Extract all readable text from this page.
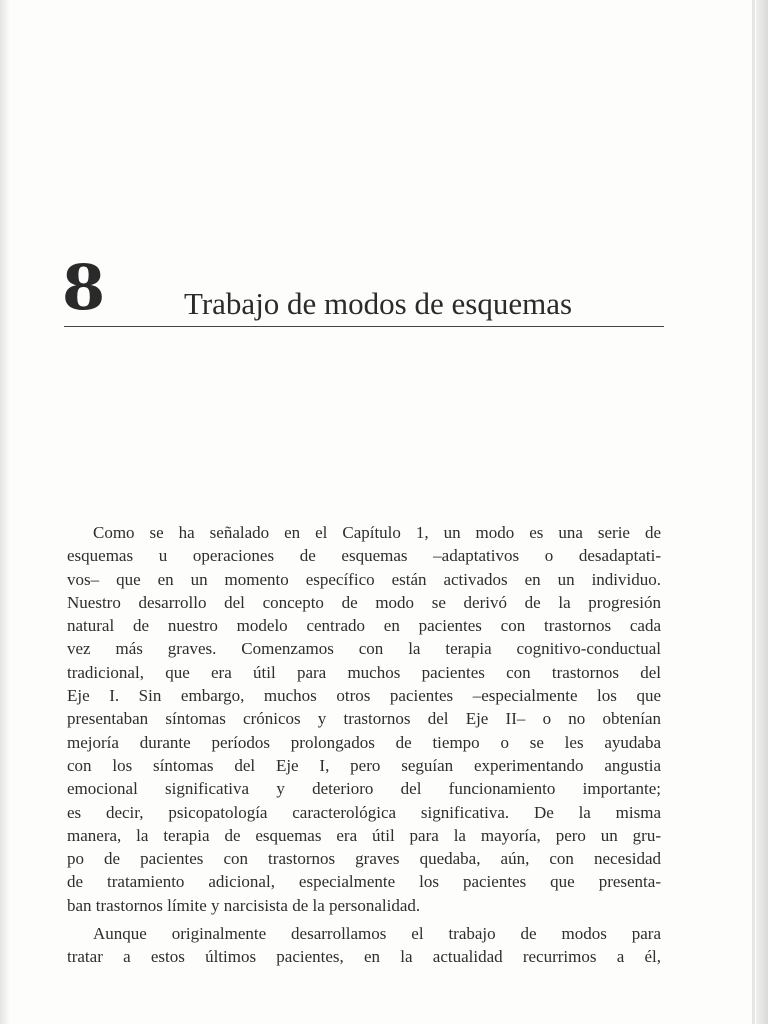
8	Trabajo de modos de esquemas

Como se ha señalado en el Capítulo 1, un modo es una serie de
esquemas u operaciones de esquemas –adaptativos o desadaptati-
vos– que en un momento específico están activados en un individuo.
Nuestro desarrollo del concepto de modo se derivó de la progresión
natural de nuestro modelo centrado en pacientes con trastornos cada
vez más graves. Comenzamos con la terapia cognitivo-conductual
tradicional, que era útil para muchos pacientes con trastornos del
Eje I. Sin embargo, muchos otros pacientes –especialmente los que
presentaban síntomas crónicos y trastornos del Eje II– o no obtenían
mejoría durante períodos prolongados de tiempo o se les ayudaba
con los síntomas del Eje I, pero seguían experimentando angustia
emocional significativa y deterioro del funcionamiento importante;
es decir, psicopatología caracterológica significativa. De la misma
manera, la terapia de esquemas era útil para la mayoría, pero un gru-
po de pacientes con trastornos graves quedaba, aún, con necesidad
de tratamiento adicional, especialmente los pacientes que presenta-
ban trastornos límite y narcisista de la personalidad.

Aunque originalmente desarrollamos el trabajo de modos para
tratar a estos últimos pacientes, en la actualidad recurrimos a él,
